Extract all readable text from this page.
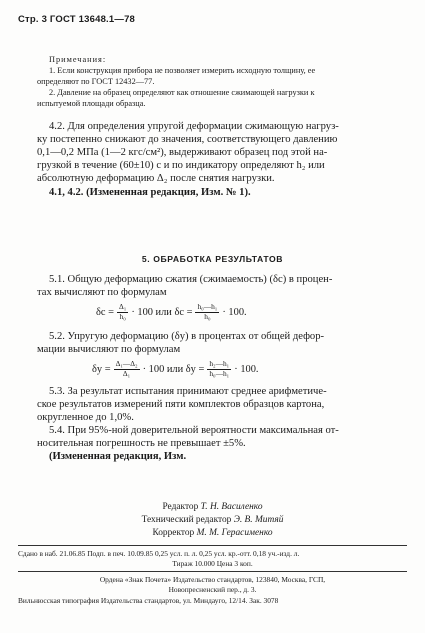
Стр. 3 ГОСТ 13648.1—78
Примечания:
1. Если конструкция прибора не позволяет измерить исходную толщину, ее
определяют по ГОСТ 12432—77.
2. Давление на образец определяют как отношение сжимающей нагрузки к
испытуемой площади образца.
4.2. Для определения упругой деформации сжимающую нагруз-
ку постепенно снижают до значения, соответствующего давлению
0,1—0,2 МПа (1—2 кгс/см²), выдерживают образец под этой на-
грузкой в течение (60±10) с и по индикатору определяют h₂ или
абсолютную деформацию Δ₂ после снятия нагрузки.
4.1, 4.2. (Измененная редакция, Изм. № 1).
5. ОБРАБОТКА РЕЗУЛЬТАТОВ
5.1. Общую деформацию сжатия (сжимаемость) (δc) в процен-
тах вычисляют по формулам
$\delta c = \frac{\text{Δ₁}}{\text{h₀}} \cdot 100$ или $\delta c = \frac{\text{h₀—h₁}}{\text{h₀}} \cdot 100$.
5.2. Упругую деформацию (δy) в процентах от общей дефор-
мации вычисляют по формулам
$\delta y = \frac{\text{Δ₁—Δ₂}}{\text{Δ₁}} \cdot 100$ или $\delta y = \frac{\text{h₂—h₁}}{\text{h₀—h₁}} \cdot 100$.
5.3. За результат испытания принимают среднее арифметиче-
ское результатов измерений пяти комплектов образцов картона,
округленное до 1,0%.
5.4. При 95%-ной доверительной вероятности максимальная от-
носительная погрешность не превышает ±5%.
(Измененная редакция, Изм.
Редактор Т. Н. Василенко
Технический редактор Э. В. Митяй
Корректор М. М. Герасименко
Сдано в наб. 21.06.85 Подп. в печ. 10.09.85 0,25 усл. п. л. 0,25 усл. кр.-отт. 0,18 уч.-изд. л.
Тираж 10.000 Цена 3 коп.
Ордена «Знак Почета» Издательство стандартов, 123840, Москва, ГСП,
Новопресненский пер., д. 3.
Вильнюсская типография Издательства стандартов, ул. Миндауго, 12/14. Зак. 3078
